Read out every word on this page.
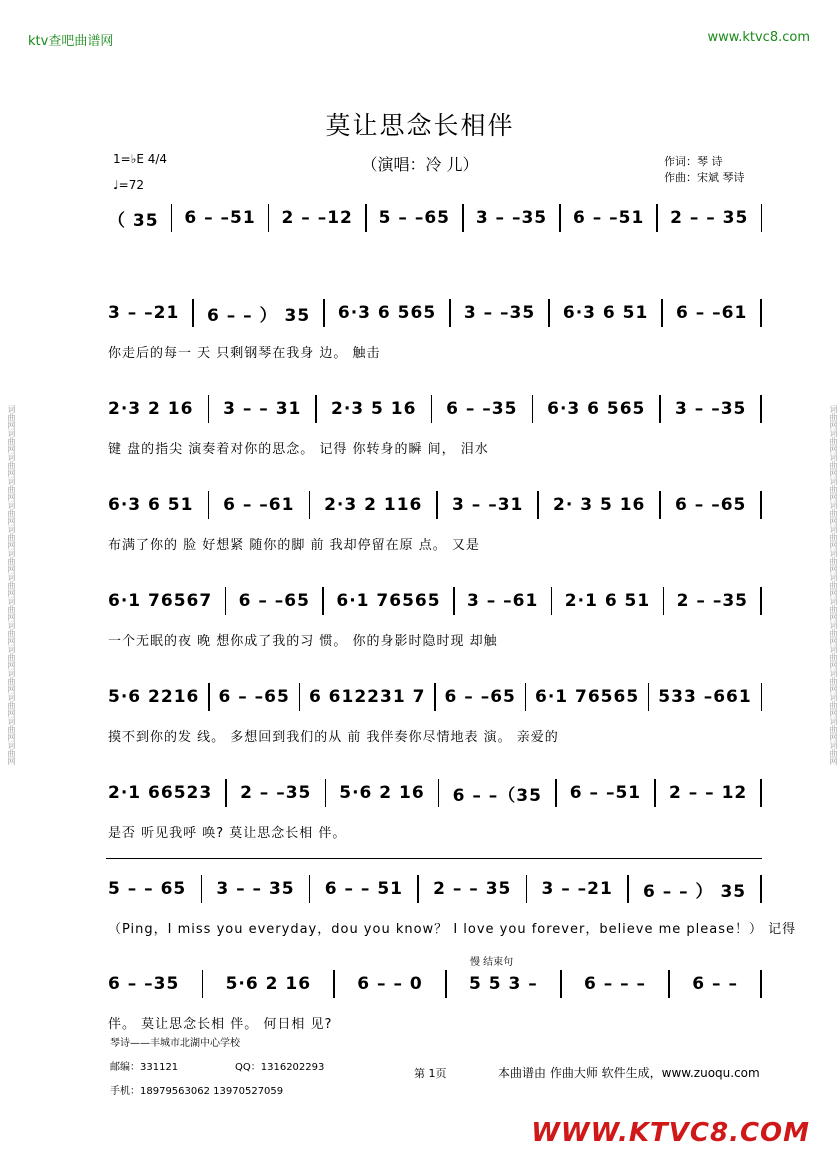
词曲网词曲网词曲网词曲网词曲网词曲网词曲网词曲网词曲网词曲网词曲网词曲网词曲网词曲网词曲网	词曲网词曲网词曲网词曲网词曲网词曲网词曲网词曲网词曲网词曲网词曲网词曲网词曲网词曲网词曲网
ktv查吧曲谱网	www.ktvc8.com
莫让思念长相伴
（演唱：冷 儿）
1=♭E 4/4
♩=72
作词：琴 诗
作曲：宋斌 琴诗
（ 35 6 – –51 2 – –12 5 – –65 3 – –35 6 – –51 2 – – 35
3 – –21 6 – – ） 35 6·3 6 565 3 – –35 6·3 6 51 6 – –61
你走后的每一 天 只剩钢琴在我身 边。 触击
2·3 2 16 3 – – 31 2·3 5 16 6 – –35 6·3 6 565 3 – –35
键 盘的指尖 演奏着对你的思念。 记得 你转身的瞬 间， 泪水
6·3 6 51 6 – –61 2·3 2 116 3 – –31 2· 3 5 16 6 – –65
布满了你的 脸 好想紧 随你的脚 前 我却停留在原 点。 又是
6·1 76567 6 – –65 6·1 76565 3 – –61 2·1 6 51 2 – –35
一个无眠的夜 晚 想你成了我的习 惯。 你的身影时隐时现 却触
5·6 2216 6 – –65 6 612231 7 6 – –65 6·1 76565 533 –661
摸不到你的发 线。 多想回到我们的从 前 我伴奏你尽情地表 演。 亲爱的
2·1 66523 2 – –35 5·6 2 16 6 – –（35 6 – –51 2 – – 12
是否 听见我呼 唤? 莫让思念长相 伴。
5 – – 65 3 – – 35 6 – – 51 2 – – 35 3 – –21 6 – – ） 35
（Ping，I miss you everyday，dou you know？ I love you forever，believe me please！） 记得
6 – –35	5·6 2 16	6 – – 0	5 5 3 –	6 – – –	6 – –
伴。 莫让思念长相 伴。 何日相 见?
慢 结束句
琴诗——丰城市北湖中心学校
邮编：331121	QQ：1316202293
手机：18979563062 13970527059
第 1页	本曲谱由 作曲大师 软件生成，www.zuoqu.com
WWW.KTVC8.COM
